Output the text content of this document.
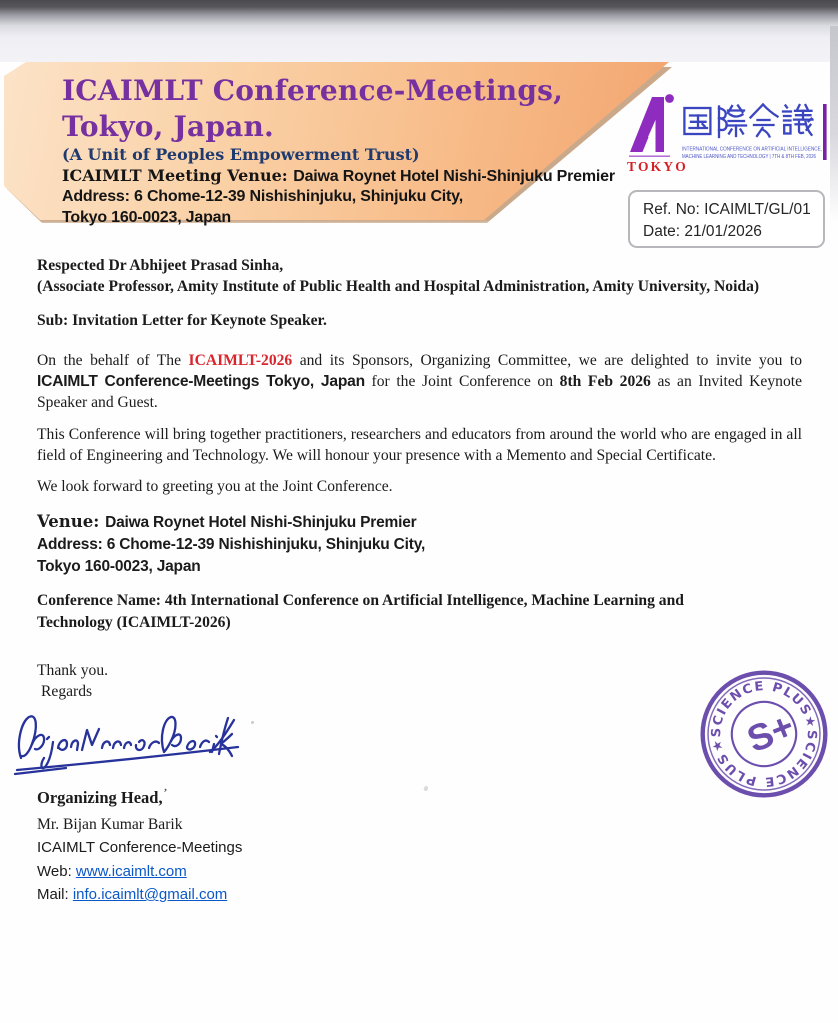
ICAIMLT Conference-Meetings,
Tokyo, Japan.
(A Unit of Peoples Empowerment Trust)
ICAIMLT Meeting Venue: Daiwa Roynet Hotel Nishi-Shinjuku Premier
Address: 6 Chome-12-39 Nishishinjuku, Shinjuku City,
Tokyo 160-0023, Japan
TOKYO
INTERNATIONAL CONFERENCE ON ARTIFICIAL INTELLIGENCE,
MACHINE LEARNING AND TECHNOLOGY | 7TH & 8TH FEB, 2026
Ref. No: ICAIMLT/GL/01
Date: 21/01/2026

Respected Dr Abhijeet Prasad Sinha,
(Associate Professor, Amity Institute of Public Health and Hospital Administration, Amity University, Noida)

Sub: Invitation Letter for Keynote Speaker.

On the behalf of The ICAIMLT-2026 and its Sponsors, Organizing Committee, we are delighted to invite you to ICAIMLT Conference-Meetings Tokyo, Japan for the Joint Conference on 8th Feb 2026 as an Invited Keynote Speaker and Guest.

This Conference will bring together practitioners, researchers and educators from around the world who are engaged in all field of Engineering and Technology. We will honour your presence with a Memento and Special Certificate.

We look forward to greeting you at the Joint Conference.

Venue: Daiwa Roynet Hotel Nishi-Shinjuku Premier
Address: 6 Chome-12-39 Nishishinjuku, Shinjuku City,
Tokyo 160-0023, Japan

Conference Name: 4th International Conference on Artificial Intelligence, Machine Learning and
Technology (ICAIMLT-2026)

Thank you.

Regards

Organizing Head,’
Mr. Bijan Kumar Barik
ICAIMLT Conference-Meetings
Web: www.icaimlt.com
Mail: info.icaimlt@gmail.com
★SCIENCE PLUS★SCIENCE PLUS S+
